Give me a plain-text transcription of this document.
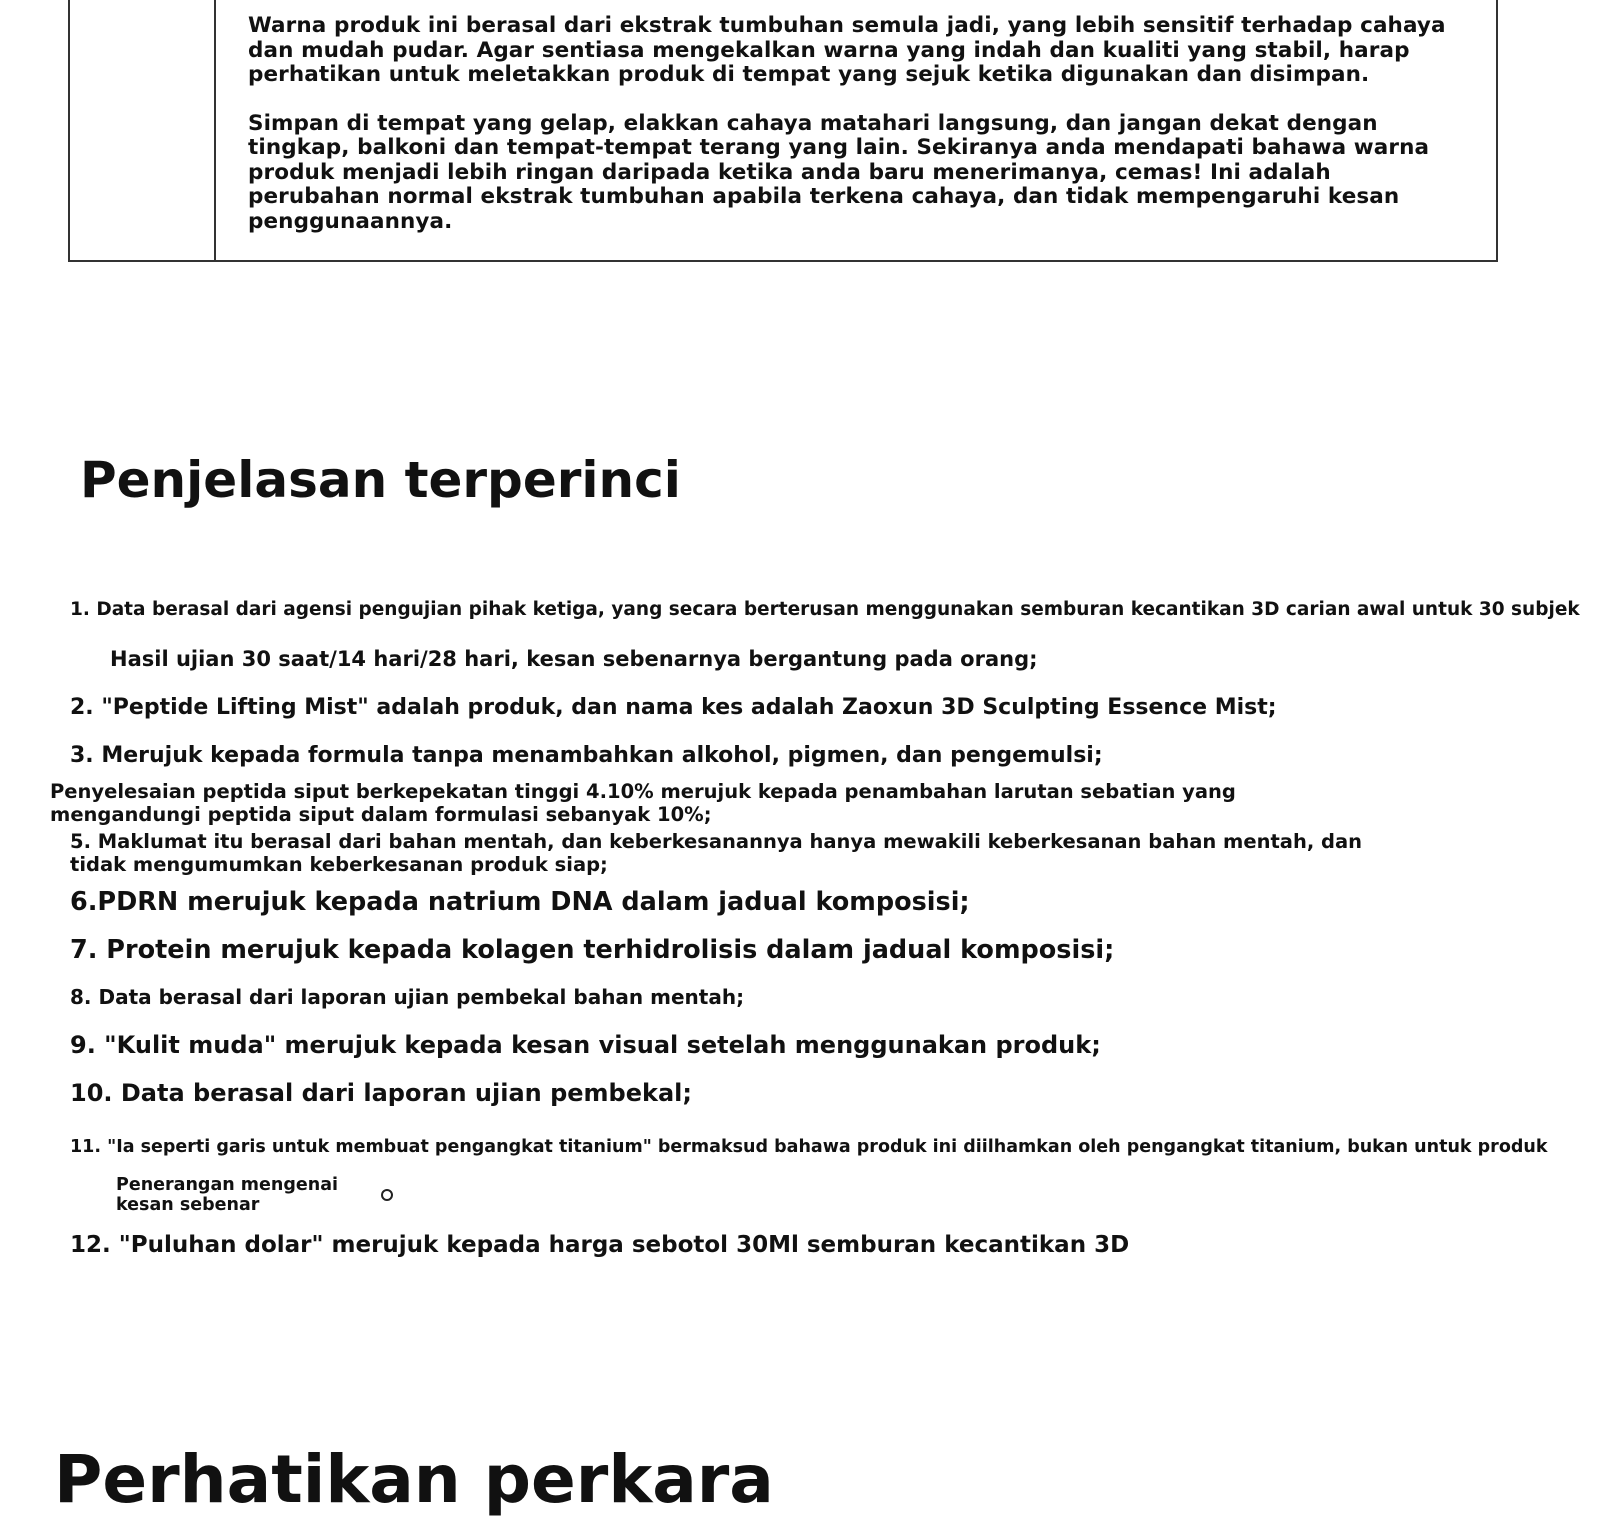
Warna produk ini berasal dari ekstrak tumbuhan semula jadi, yang lebih sensitif terhadap cahaya dan mudah pudar. Agar sentiasa mengekalkan warna yang indah dan kualiti yang stabil, harap perhatikan untuk meletakkan produk di tempat yang sejuk ketika digunakan dan disimpan.

Simpan di tempat yang gelap, elakkan cahaya matahari langsung, dan jangan dekat dengan tingkap, balkoni dan tempat-tempat terang yang lain. Sekiranya anda mendapati bahawa warna produk menjadi lebih ringan daripada ketika anda baru menerimanya, cemas! Ini adalah perubahan normal ekstrak tumbuhan apabila terkena cahaya, dan tidak mempengaruhi kesan penggunaannya.

Penjelasan terperinci

1. Data berasal dari agensi pengujian pihak ketiga, yang secara berterusan menggunakan semburan kecantikan 3D carian awal untuk 30 subjek

Hasil ujian 30 saat/14 hari/28 hari, kesan sebenarnya bergantung pada orang;

2. "Peptide Lifting Mist" adalah produk, dan nama kes adalah Zaoxun 3D Sculpting Essence Mist;

3. Merujuk kepada formula tanpa menambahkan alkohol, pigmen, dan pengemulsi;

Penyelesaian peptida siput berkepekatan tinggi 4.10% merujuk kepada penambahan larutan sebatian yang mengandungi peptida siput dalam formulasi sebanyak 10%;

5. Maklumat itu berasal dari bahan mentah, dan keberkesanannya hanya mewakili keberkesanan bahan mentah, dan tidak mengumumkan keberkesanan produk siap;

6.PDRN merujuk kepada natrium DNA dalam jadual komposisi;

7. Protein merujuk kepada kolagen terhidrolisis dalam jadual komposisi;

8. Data berasal dari laporan ujian pembekal bahan mentah;

9. "Kulit muda" merujuk kepada kesan visual setelah menggunakan produk;

10. Data berasal dari laporan ujian pembekal;

11. "Ia seperti garis untuk membuat pengangkat titanium" bermaksud bahawa produk ini diilhamkan oleh pengangkat titanium, bukan untuk produk

Penerangan mengenai kesan sebenar

12. "Puluhan dolar" merujuk kepada harga sebotol 30Ml semburan kecantikan 3D

Perhatikan perkara
